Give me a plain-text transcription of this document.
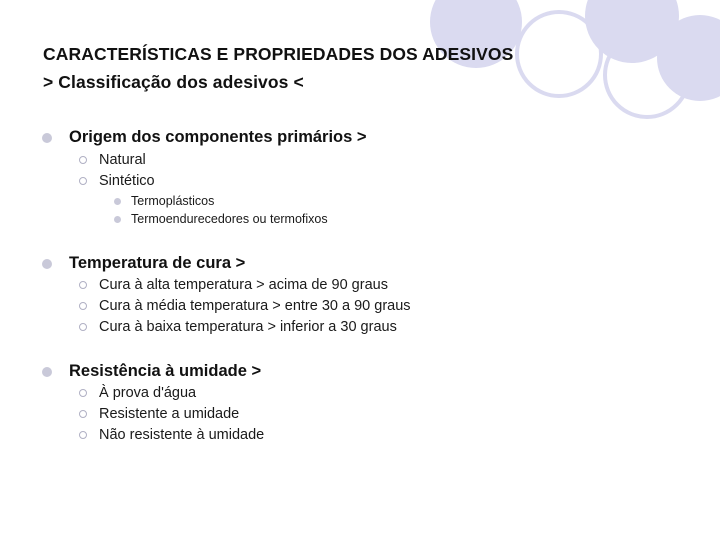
CARACTERÍSTICAS E PROPRIEDADES DOS ADESIVOS
> Classificação dos adesivos <
Origem dos componentes primários >
Natural
Sintético
Termoplásticos
Termoendurecedores ou termofixos
Temperatura de cura >
Cura à alta temperatura > acima de 90 graus
Cura à média temperatura > entre 30 a 90 graus
Cura à baixa temperatura > inferior a 30 graus
Resistência à umidade >
À prova d'água
Resistente a umidade
Não resistente à umidade
